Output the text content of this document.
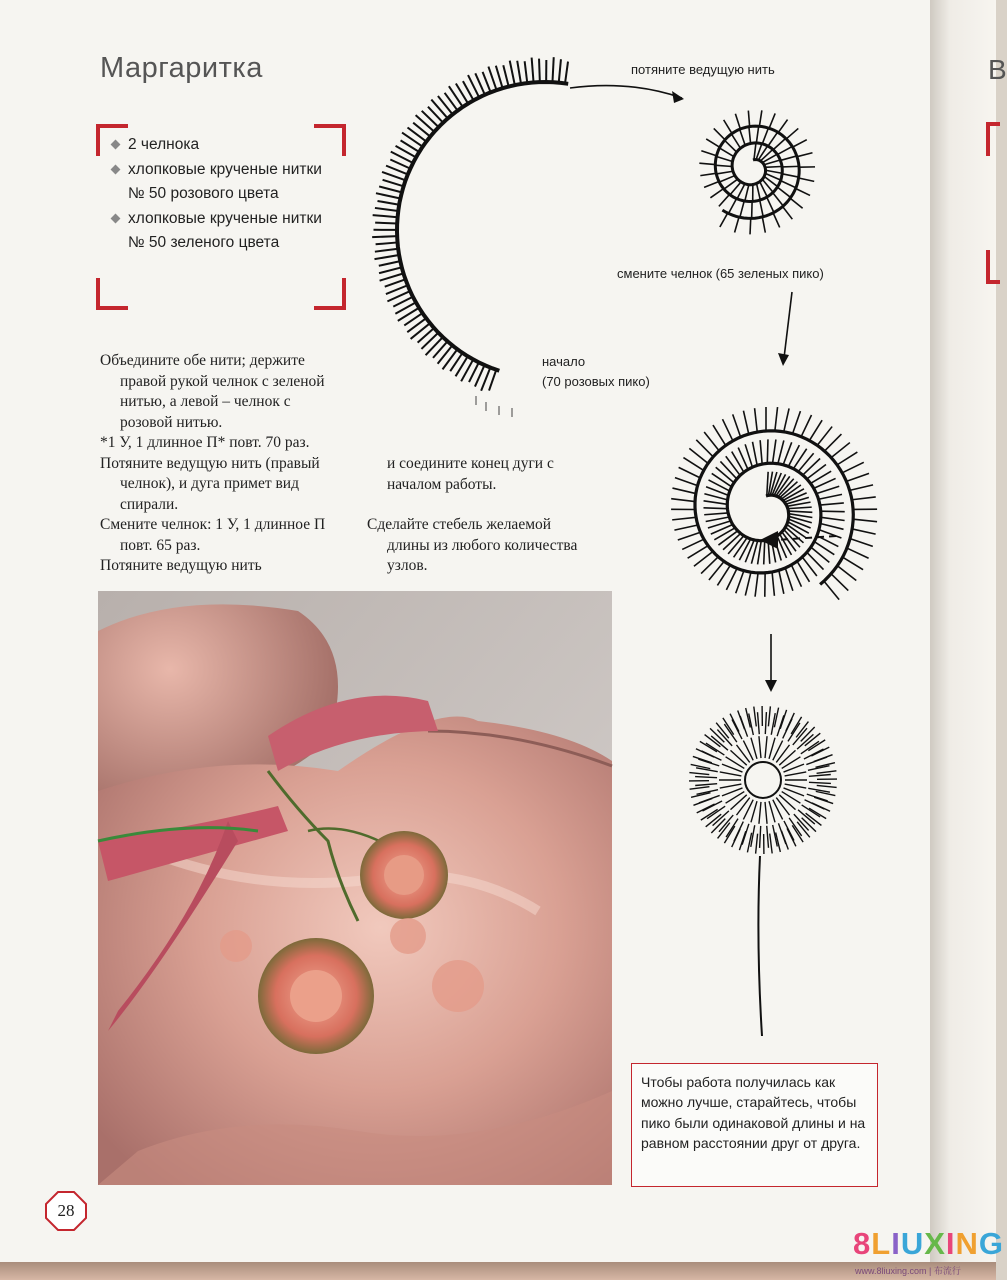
Маргаритка
2 челнока
хлопковые крученые нитки № 50 розового цвета
хлопковые крученые нитки № 50 зеленого цвета

Объедините обе нити; держите правой рукой челнок с зеленой нитью, а левой – челнок с розовой нитью.

*1 У, 1 длинное П* повт. 70 раз.

Потяните ведущую нить (правый челнок), и дуга примет вид спирали.

Смените челнок: 1 У, 1 длинное П повт. 65 раз.

Потяните ведущую нить

и соедините конец дуги с началом работы.

Сделайте стебель желаемой длины из любого количества узлов.

потяните ведущую нить
начало
(70 розовых пико)
смените челнок (65 зеленых пико)

Чтобы работа получилась как можно лучше, старайтесь, чтобы пико были одинаковой длины и на равном расстоянии друг от друга.

28
В
8LIUXING
www.8liuxing.com | 布流行
